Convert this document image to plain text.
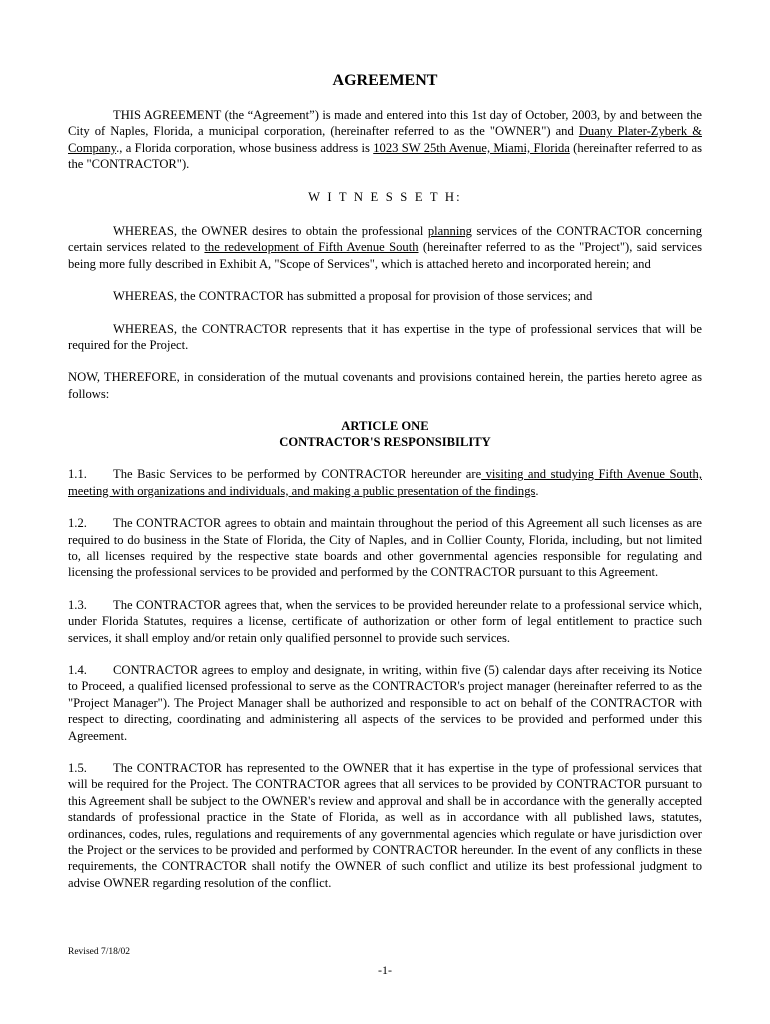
AGREEMENT

THIS AGREEMENT (the “Agreement”) is made and entered into this 1st day of October, 2003, by and between the City of Naples, Florida, a municipal corporation, (hereinafter referred to as the "OWNER") and Duany Plater-Zyberk & Company., a Florida corporation, whose business address is 1023 SW 25th Avenue, Miami, Florida (hereinafter referred to as the "CONTRACTOR").

W I T N E S S E T H:

WHEREAS, the OWNER desires to obtain the professional planning services of the CONTRACTOR concerning certain services related to the redevelopment of Fifth Avenue South (hereinafter referred to as the "Project"), said services being more fully described in Exhibit A, "Scope of Services", which is attached hereto and incorporated herein; and

WHEREAS, the CONTRACTOR has submitted a proposal for provision of those services; and

WHEREAS, the CONTRACTOR represents that it has expertise in the type of professional services that will be required for the Project.

NOW, THEREFORE, in consideration of the mutual covenants and provisions contained herein, the parties hereto agree as follows:

ARTICLE ONE
CONTRACTOR'S RESPONSIBILITY

1.1. The Basic Services to be performed by CONTRACTOR hereunder are visiting and studying Fifth Avenue South, meeting with organizations and individuals, and making a public presentation of the findings.

1.2. The CONTRACTOR agrees to obtain and maintain throughout the period of this Agreement all such licenses as are required to do business in the State of Florida, the City of Naples, and in Collier County, Florida, including, but not limited to, all licenses required by the respective state boards and other governmental agencies responsible for regulating and licensing the professional services to be provided and performed by the CONTRACTOR pursuant to this Agreement.

1.3. The CONTRACTOR agrees that, when the services to be provided hereunder relate to a professional service which, under Florida Statutes, requires a license, certificate of authorization or other form of legal entitlement to practice such services, it shall employ and/or retain only qualified personnel to provide such services.

1.4. CONTRACTOR agrees to employ and designate, in writing, within five (5) calendar days after receiving its Notice to Proceed, a qualified licensed professional to serve as the CONTRACTOR's project manager (hereinafter referred to as the "Project Manager"). The Project Manager shall be authorized and responsible to act on behalf of the CONTRACTOR with respect to directing, coordinating and administering all aspects of the services to be provided and performed under this Agreement.

1.5. The CONTRACTOR has represented to the OWNER that it has expertise in the type of professional services that will be required for the Project. The CONTRACTOR agrees that all services to be provided by CONTRACTOR pursuant to this Agreement shall be subject to the OWNER's review and approval and shall be in accordance with the generally accepted standards of professional practice in the State of Florida, as well as in accordance with all published laws, statutes, ordinances, codes, rules, regulations and requirements of any governmental agencies which regulate or have jurisdiction over the Project or the services to be provided and performed by CONTRACTOR hereunder. In the event of any conflicts in these requirements, the CONTRACTOR shall notify the OWNER of such conflict and utilize its best professional judgment to advise OWNER regarding resolution of the conflict.

Revised 7/18/02
-1-
